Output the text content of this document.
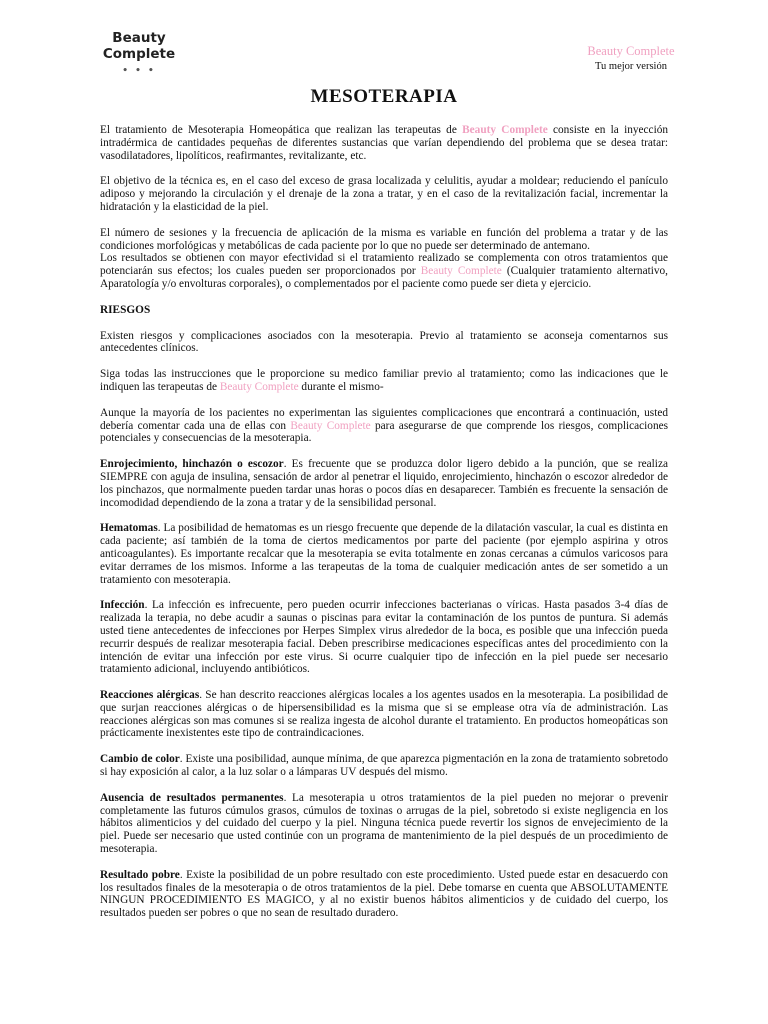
Beauty
Complete
• • •
Beauty Complete
Tu mejor versión
MESOTERAPIA

El tratamiento de Mesoterapia Homeopática que realizan las terapeutas de Beauty Complete consiste en la inyección intradérmica de cantidades pequeñas de diferentes sustancias que varían dependiendo del problema que se desea tratar: vasodilatadores, lipolíticos, reafirmantes, revitalizante, etc.

El objetivo de la técnica es, en el caso del exceso de grasa localizada y celulitis, ayudar a moldear; reduciendo el panículo adiposo y mejorando la circulación y el drenaje de la zona a tratar, y en el caso de la revitalización facial, incrementar la hidratación y la elasticidad de la piel.

El número de sesiones y la frecuencia de aplicación de la misma es variable en función del problema a tratar y de las condiciones morfológicas y metabólicas de cada paciente por lo que no puede ser determinado de antemano.
Los resultados se obtienen con mayor efectividad si el tratamiento realizado se complementa con otros tratamientos que potenciarán sus efectos; los cuales pueden ser proporcionados por Beauty Complete (Cualquier tratamiento alternativo, Aparatología y/o envolturas corporales), o complementados por el paciente como puede ser dieta y ejercicio.

RIESGOS

Existen riesgos y complicaciones asociados con la mesoterapia. Previo al tratamiento se aconseja comentarnos sus antecedentes clínicos.

Siga todas las instrucciones que le proporcione su medico familiar previo al tratamiento; como las indicaciones que le indiquen las terapeutas de Beauty Complete durante el mismo-

Aunque la mayoría de los pacientes no experimentan las siguientes complicaciones que encontrará a continuación, usted debería comentar cada una de ellas con Beauty Complete para asegurarse de que comprende los riesgos, complicaciones potenciales y consecuencias de la mesoterapia.

Enrojecimiento, hinchazón o escozor. Es frecuente que se produzca dolor ligero debido a la punción, que se realiza SIEMPRE con aguja de insulina, sensación de ardor al penetrar el liquido, enrojecimiento, hinchazón o escozor alrededor de los pinchazos, que normalmente pueden tardar unas horas o pocos días en desaparecer. También es frecuente la sensación de incomodidad dependiendo de la zona a tratar y de la sensibilidad personal.

Hematomas. La posibilidad de hematomas es un riesgo frecuente que depende de la dilatación vascular, la cual es distinta en cada paciente; así también de la toma de ciertos medicamentos por parte del paciente (por ejemplo aspirina y otros anticoagulantes). Es importante recalcar que la mesoterapia se evita totalmente en zonas cercanas a cúmulos varicosos para evitar derrames de los mismos. Informe a las terapeutas de la toma de cualquier medicación antes de ser sometido a un tratamiento con mesoterapia.

Infección. La infección es infrecuente, pero pueden ocurrir infecciones bacterianas o víricas. Hasta pasados 3-4 días de realizada la terapia, no debe acudir a saunas o piscinas para evitar la contaminación de los puntos de puntura. Si además usted tiene antecedentes de infecciones por Herpes Simplex virus alrededor de la boca, es posible que una infección pueda recurrir después de realizar mesoterapia facial. Deben prescribirse medicaciones específicas antes del procedimiento con la intención de evitar una infección por este virus. Si ocurre cualquier tipo de infección en la piel puede ser necesario tratamiento adicional, incluyendo antibióticos.

Reacciones alérgicas. Se han descrito reacciones alérgicas locales a los agentes usados en la mesoterapia. La posibilidad de que surjan reacciones alérgicas o de hipersensibilidad es la misma que si se emplease otra vía de administración. Las reacciones alérgicas son mas comunes si se realiza ingesta de alcohol durante el tratamiento. En productos homeopáticas son prácticamente inexistentes este tipo de contraindicaciones.

Cambio de color. Existe una posibilidad, aunque mínima, de que aparezca pigmentación en la zona de tratamiento sobretodo si hay exposición al calor, a la luz solar o a lámparas UV después del mismo.

Ausencia de resultados permanentes. La mesoterapia u otros tratamientos de la piel pueden no mejorar o prevenir completamente las futuros cúmulos grasos, cúmulos de toxinas o arrugas de la piel, sobretodo si existe negligencia en los hábitos alimenticios y del cuidado del cuerpo y la piel. Ninguna técnica puede revertir los signos de envejecimiento de la piel. Puede ser necesario que usted continúe con un programa de mantenimiento de la piel después de un procedimiento de mesoterapia.

Resultado pobre. Existe la posibilidad de un pobre resultado con este procedimiento. Usted puede estar en desacuerdo con los resultados finales de la mesoterapia o de otros tratamientos de la piel. Debe tomarse en cuenta que ABSOLUTAMENTE NINGUN PROCEDIMIENTO ES MAGICO, y al no existir buenos hábitos alimenticios y de cuidado del cuerpo, los resultados pueden ser pobres o que no sean de resultado duradero.
